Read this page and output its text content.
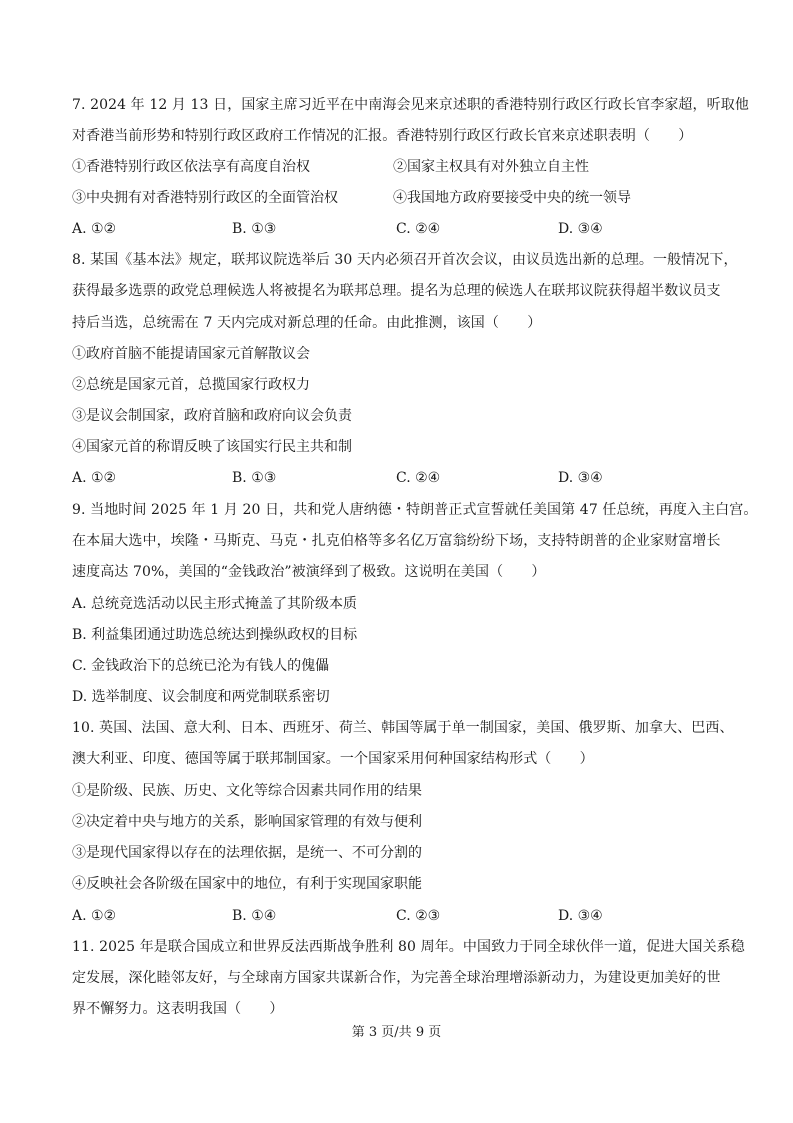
7. 2024 年 12 月 13 日，国家主席习近平在中南海会见来京述职的香港特别行政区行政长官李家超，听取他
对香港当前形势和特别行政区政府工作情况的汇报。香港特别行政区行政长官来京述职表明（　　）
①香港特别行政区依法享有高度自治权	②国家主权具有对外独立自主性
③中央拥有对香港特别行政区的全面管治权	④我国地方政府要接受中央的统一领导
A. ①②	B. ①③	C. ②④	D. ③④
8. 某国《基本法》规定，联邦议院选举后 30 天内必须召开首次会议，由议员选出新的总理。一般情况下，
获得最多选票的政党总理候选人将被提名为联邦总理。提名为总理的候选人在联邦议院获得超半数议员支
持后当选，总统需在 7 天内完成对新总理的任命。由此推测，该国（　　）
①政府首脑不能提请国家元首解散议会
②总统是国家元首，总揽国家行政权力
③是议会制国家，政府首脑和政府向议会负责
④国家元首的称谓反映了该国实行民主共和制
A. ①②	B. ①③	C. ②④	D. ③④
9. 当地时间 2025 年 1 月 20 日，共和党人唐纳德・特朗普正式宣誓就任美国第 47 任总统，再度入主白宫。
在本届大选中，埃隆・马斯克、马克・扎克伯格等多名亿万富翁纷纷下场，支持特朗普的企业家财富增长
速度高达 70%，美国的“金钱政治”被演绎到了极致。这说明在美国（　　）
A. 总统竞选活动以民主形式掩盖了其阶级本质
B. 利益集团通过助选总统达到操纵政权的目标
C. 金钱政治下的总统已沦为有钱人的傀儡
D. 选举制度、议会制度和两党制联系密切
10. 英国、法国、意大利、日本、西班牙、荷兰、韩国等属于单一制国家，美国、俄罗斯、加拿大、巴西、
澳大利亚、印度、德国等属于联邦制国家。一个国家采用何种国家结构形式（　　）
①是阶级、民族、历史、文化等综合因素共同作用的结果
②决定着中央与地方的关系，影响国家管理的有效与便利
③是现代国家得以存在的法理依据，是统一、不可分割的
④反映社会各阶级在国家中的地位，有利于实现国家职能
A. ①②	B. ①④	C. ②③	D. ③④
11. 2025 年是联合国成立和世界反法西斯战争胜利 80 周年。中国致力于同全球伙伴一道，促进大国关系稳
定发展，深化睦邻友好，与全球南方国家共谋新合作，为完善全球治理增添新动力，为建设更加美好的世
界不懈努力。这表明我国（　　）
第 3 页/共 9 页
